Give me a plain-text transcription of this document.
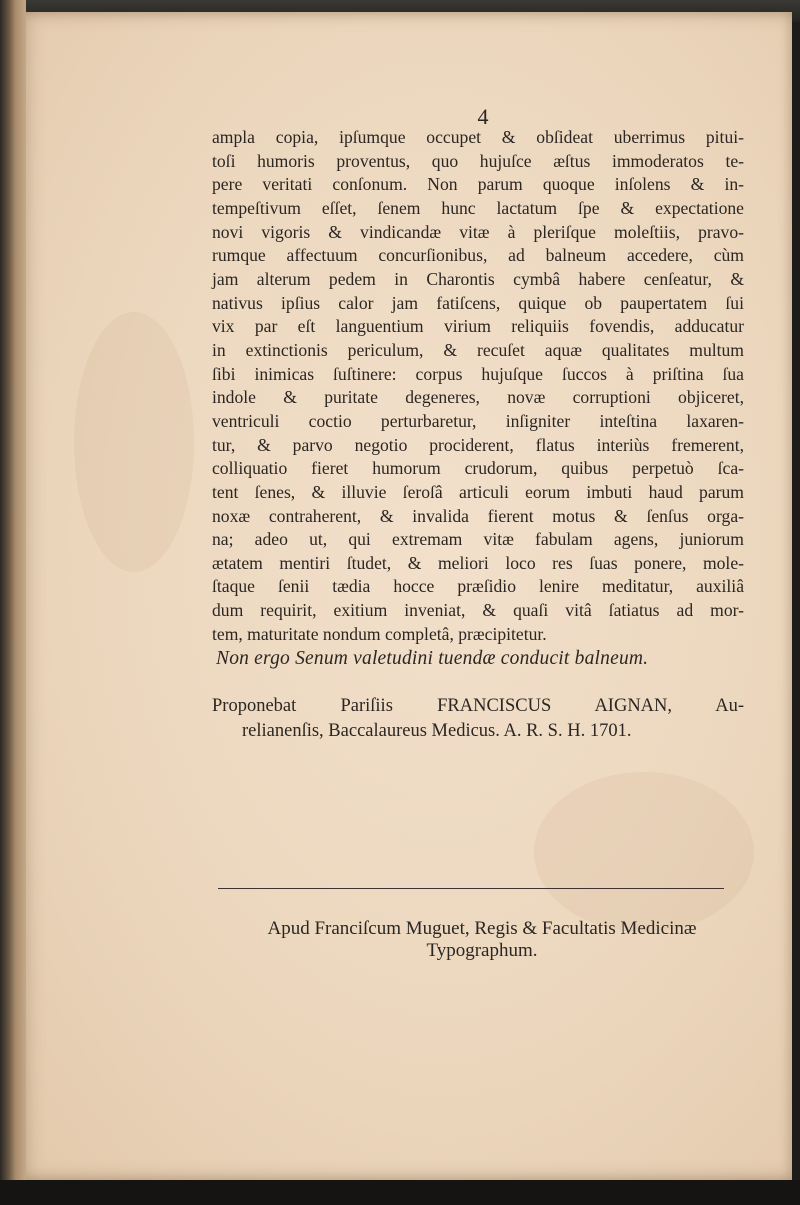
4
ampla copia, ipſumque occupet & obſideat uberrimus pitui-
toſi humoris proventus, quo hujuſce æſtus immoderatos te-
pere veritati conſonum. Non parum quoque inſolens & in-
tempeſtivum eſſet, ſenem hunc lactatum ſpe & expectatione
novi vigoris & vindicandæ vitæ à pleriſque moleſtiis, pravo-
rumque affectuum concurſionibus, ad balneum accedere, cùm
jam alterum pedem in Charontis cymbâ habere cenſeatur, &
nativus ipſius calor jam fatiſcens, quique ob paupertatem ſui
vix par eſt languentium virium reliquiis fovendis, adducatur
in extinctionis periculum, & recuſet aquæ qualitates multum
ſibi inimicas ſuſtinere: corpus hujuſque ſuccos à priſtina ſua
indole & puritate degeneres, novæ corruptioni objiceret,
ventriculi coctio perturbaretur, inſigniter inteſtina laxaren-
tur, & parvo negotio prociderent, flatus interiùs fremerent,
colliquatio fieret humorum crudorum, quibus perpetuò ſca-
tent ſenes, & illuvie ſeroſâ articuli eorum imbuti haud parum
noxæ contraherent, & invalida fierent motus & ſenſus orga-
na; adeo ut, qui extremam vitæ fabulam agens, juniorum
ætatem mentiri ſtudet, & meliori loco res ſuas ponere, mole-
ſtaque ſenii tædia hocce præſidio lenire meditatur, auxiliâ
dum requirit, exitium inveniat, & quaſi vitâ ſatiatus ad mor-
tem, maturitate nondum completâ, præcipitetur.
Non ergo Senum valetudini tuendæ conducit balneum.
Proponebat Pariſiis FRANCISCUS AIGNAN, Au-
relianenſis, Baccalaureus Medicus. A. R. S. H. 1701.
Apud Franciſcum Muguet, Regis & Facultatis Medicinæ
Typographum.
